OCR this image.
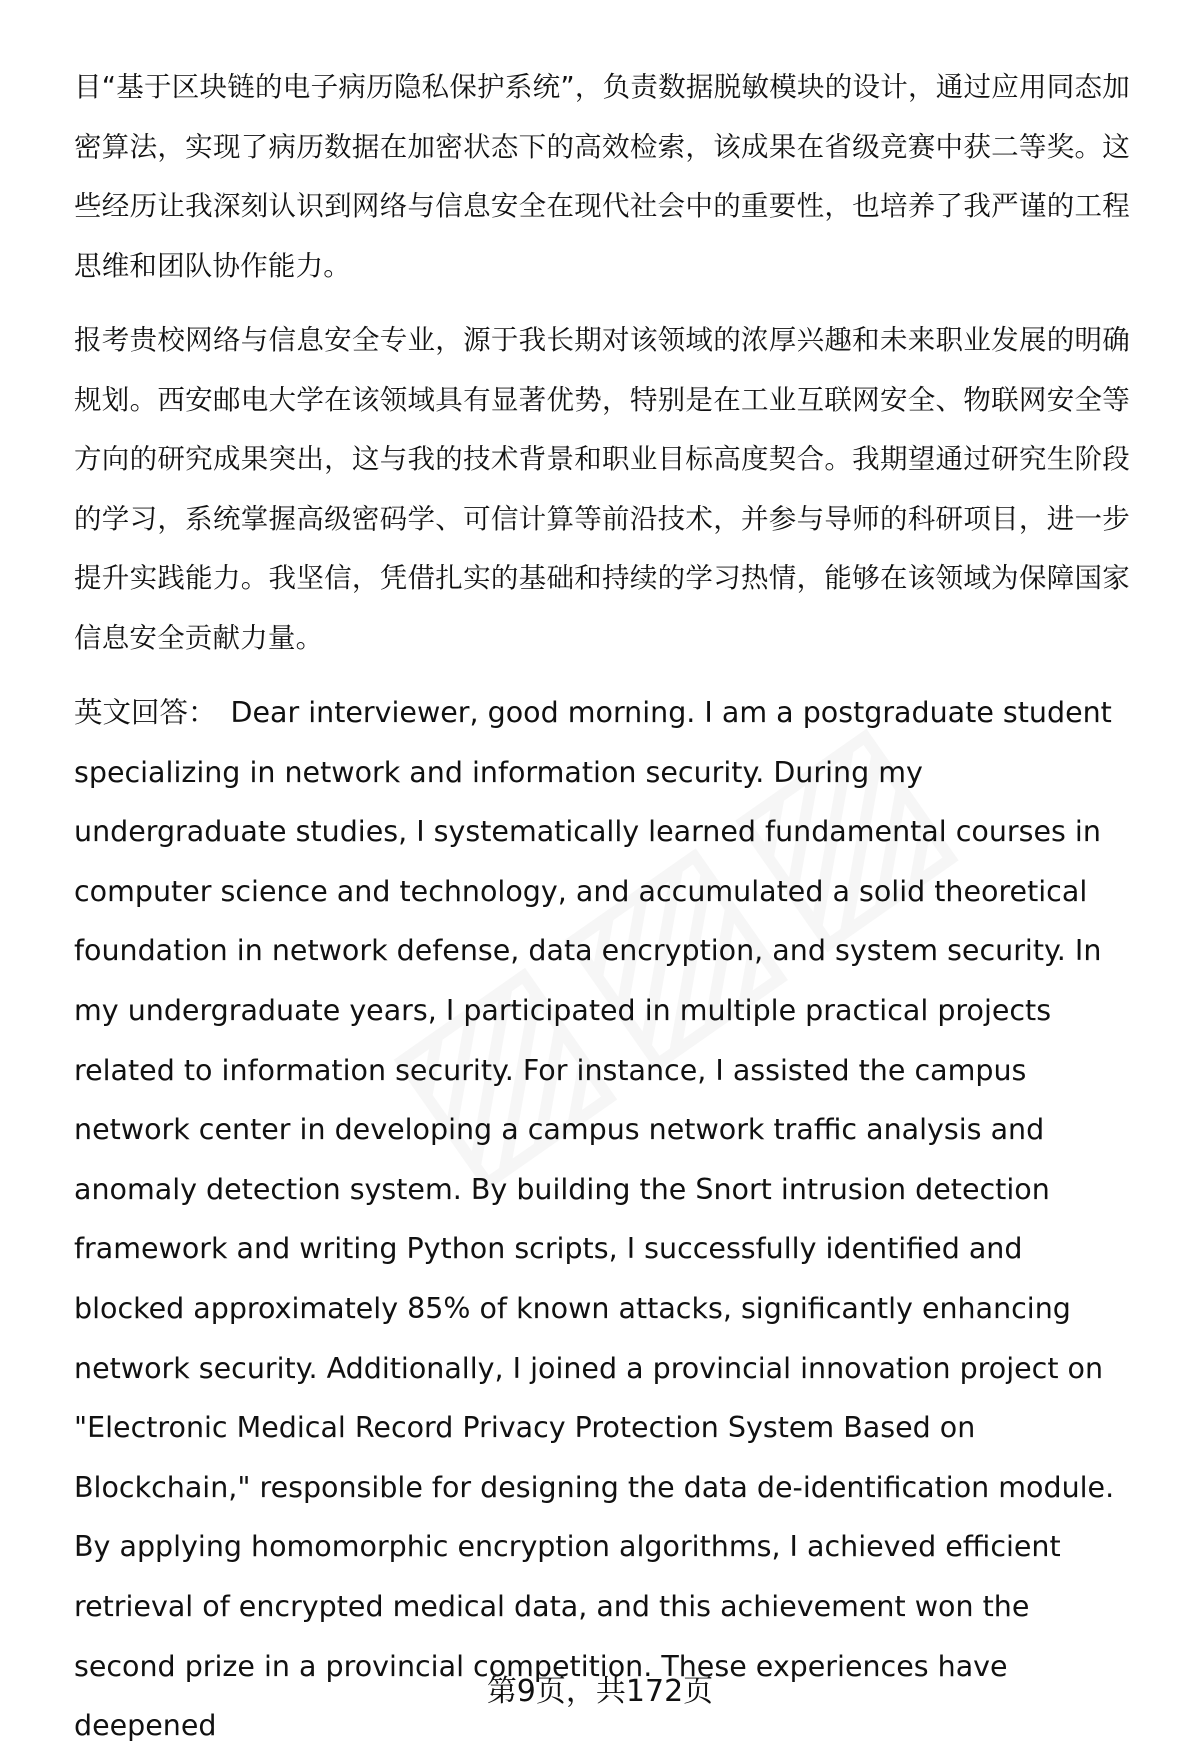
目“基于区块链的电子病历隐私保护系统”，负责数据脱敏模块的设计，通过应用同态加密算法，实现了病历数据在加密状态下的高效检索，该成果在省级竞赛中获二等奖。这些经历让我深刻认识到网络与信息安全在现代社会中的重要性，也培养了我严谨的工程思维和团队协作能力。

报考贵校网络与信息安全专业，源于我长期对该领域的浓厚兴趣和未来职业发展的明确规划。西安邮电大学在该领域具有显著优势，特别是在工业互联网安全、物联网安全等方向的研究成果突出，这与我的技术背景和职业目标高度契合。我期望通过研究生阶段的学习，系统掌握高级密码学、可信计算等前沿技术，并参与导师的科研项目，进一步提升实践能力。我坚信，凭借扎实的基础和持续的学习热情，能够在该领域为保障国家信息安全贡献力量。

英文回答： Dear interviewer, good morning. I am a postgraduate student specializing in network and information security. During my undergraduate studies, I systematically learned fundamental courses in computer science and technology, and accumulated a solid theoretical foundation in network defense, data encryption, and system security. In my undergraduate years, I participated in multiple practical projects related to information security. For instance, I assisted the campus network center in developing a campus network traffic analysis and anomaly detection system. By building the Snort intrusion detection framework and writing Python scripts, I successfully identified and blocked approximately 85% of known attacks, significantly enhancing network security. Additionally, I joined a provincial innovation project on "Electronic Medical Record Privacy Protection System Based on Blockchain," responsible for designing the data de-identification module. By applying homomorphic encryption algorithms, I achieved efficient retrieval of encrypted medical data, and this achievement won the second prize in a provincial competition. These experiences have deepened

第9页，共172页
